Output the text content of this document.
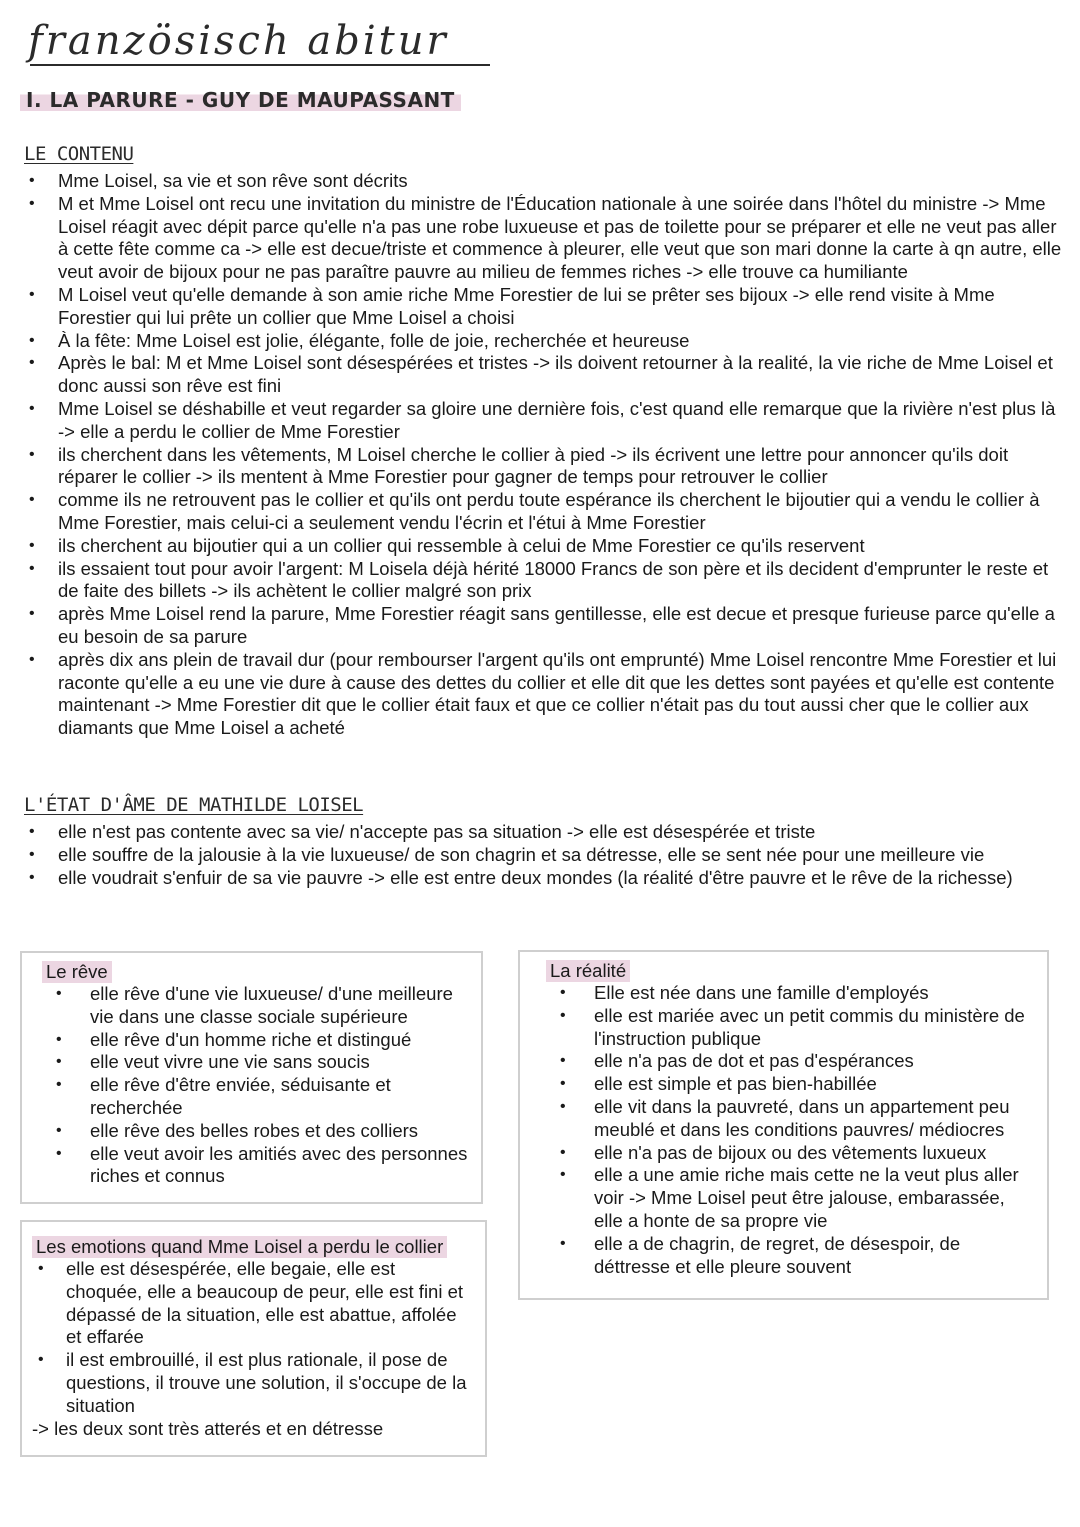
französisch abitur
I. LA PARURE - GUY DE MAUPASSANT
LE CONTENU
• Mme Loisel, sa vie et son rêve sont décrits
• M et Mme Loisel ont recu une invitation du ministre de l'Éducation nationale à une soirée dans l'hôtel du ministre -> Mme Loisel réagit avec dépit parce qu'elle n'a pas une robe luxueuse et pas de toilette pour se préparer et elle ne veut pas aller à cette fête comme ca -> elle est decue/triste et commence à pleurer, elle veut que son mari donne la carte à qn autre, elle veut avoir de bijoux pour ne pas paraître pauvre au milieu de femmes riches -> elle trouve ca humiliante
• M Loisel veut qu'elle demande à son amie riche Mme Forestier de lui se prêter ses bijoux -> elle rend visite à Mme Forestier qui lui prête un collier que Mme Loisel a choisi
• À la fête: Mme Loisel est jolie, élégante, folle de joie, recherchée et heureuse
• Après le bal: M et Mme Loisel sont désespérées et tristes -> ils doivent retourner à la realité, la vie riche de Mme Loisel et donc aussi son rêve est fini
• Mme Loisel se déshabille et veut regarder sa gloire une dernière fois, c'est quand elle remarque que la rivière n'est plus là -> elle a perdu le collier de Mme Forestier
• ils cherchent dans les vêtements, M Loisel cherche le collier à pied -> ils écrivent une lettre pour annoncer qu'ils doit réparer le collier -> ils mentent à Mme Forestier pour gagner de temps pour retrouver le collier
• comme ils ne retrouvent pas le collier et qu'ils ont perdu toute espérance ils cherchent le bijoutier qui a vendu le collier à Mme Forestier, mais celui-ci a seulement vendu l'écrin et l'étui à Mme Forestier
• ils cherchent au bijoutier qui a un collier qui ressemble à celui de Mme Forestier ce qu'ils reservent
• ils essaient tout pour avoir l'argent: M Loisela déjà hérité 18000 Francs de son père et ils decident d'emprunter le reste et de faite des billets -> ils achètent le collier malgré son prix
• après Mme Loisel rend la parure, Mme Forestier réagit sans gentillesse, elle est decue et presque furieuse parce qu'elle a eu besoin de sa parure
• après dix ans plein de travail dur (pour rembourser l'argent qu'ils ont emprunté) Mme Loisel rencontre Mme Forestier et lui raconte qu'elle a eu une vie dure à cause des dettes du collier et elle dit que les dettes sont payées et qu'elle est contente maintenant -> Mme Forestier dit que le collier était faux et que ce collier n'était pas du tout aussi cher que le collier aux diamants que Mme Loisel a acheté
L'ÉTAT D'ÂME DE MATHILDE LOISEL
• elle n'est pas contente avec sa vie/ n'accepte pas sa situation -> elle est désespérée et triste
• elle souffre de la jalousie à la vie luxueuse/ de son chagrin et sa détresse, elle se sent née pour une meilleure vie
• elle voudrait s'enfuir de sa vie pauvre -> elle est entre deux mondes (la réalité d'être pauvre et le rêve de la richesse)
Le rêve
• elle rêve d'une vie luxueuse/ d'une meilleure vie dans une classe sociale supérieure
• elle rêve d'un homme riche et distingué
• elle veut vivre une vie sans soucis
• elle rêve d'être enviée, séduisante et recherchée
• elle rêve des belles robes et des colliers
• elle veut avoir les amitiés avec des personnes riches et connus
La réalité
• Elle est née dans une famille d'employés
• elle est mariée avec un petit commis du ministère de l'instruction publique
• elle n'a pas de dot et pas d'espérances
• elle est simple et pas bien-habillée
• elle vit dans la pauvreté, dans un appartement peu meublé et dans les conditions pauvres/ médiocres
• elle n'a pas de bijoux ou des vêtements luxueux
• elle a une amie riche mais cette ne la veut plus aller voir -> Mme Loisel peut être jalouse, embarassée, elle a honte de sa propre vie
• elle a de chagrin, de regret, de désespoir, de déttresse et elle pleure souvent
Les emotions quand Mme Loisel a perdu le collier
• elle est désespérée, elle begaie, elle est choquée, elle a beaucoup de peur, elle est fini et dépassé de la situation, elle est abattue, affolée et effarée
• il est embrouillé, il est plus rationale, il pose de questions, il trouve une solution, il s'occupe de la situation
-> les deux sont très atterés et en détresse
